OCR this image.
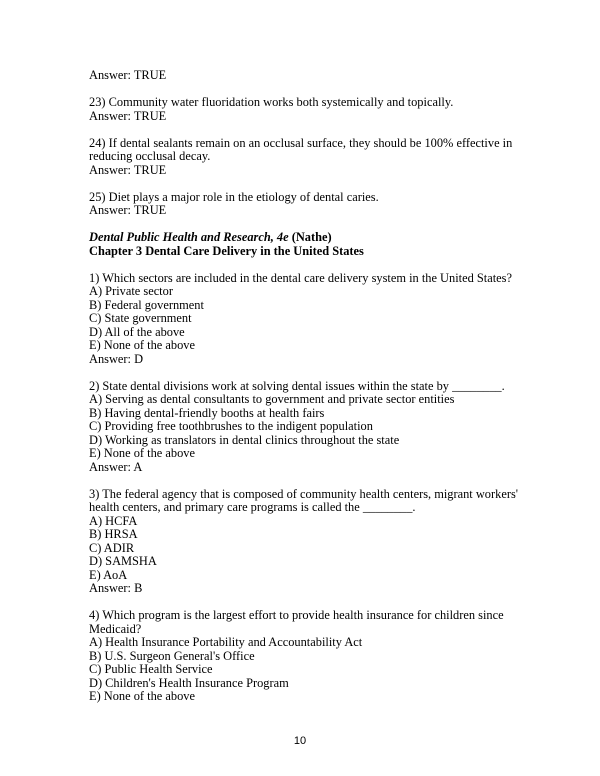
Answer: TRUE
23) Community water fluoridation works both systemically and topically.
Answer: TRUE
24) If dental sealants remain on an occlusal surface, they should be 100% effective in
reducing occlusal decay.
Answer: TRUE
25) Diet plays a major role in the etiology of dental caries.
Answer: TRUE
Dental Public Health and Research, 4e (Nathe)
Chapter 3 Dental Care Delivery in the United States
1) Which sectors are included in the dental care delivery system in the United States?
A) Private sector
B) Federal government
C) State government
D) All of the above
E) None of the above
Answer: D
2) State dental divisions work at solving dental issues within the state by ________.
A) Serving as dental consultants to government and private sector entities
B) Having dental-friendly booths at health fairs
C) Providing free toothbrushes to the indigent population
D) Working as translators in dental clinics throughout the state
E) None of the above
Answer: A
3) The federal agency that is composed of community health centers, migrant workers'
health centers, and primary care programs is called the ________.
A) HCFA
B) HRSA
C) ADIR
D) SAMSHA
E) AoA
Answer: B
4) Which program is the largest effort to provide health insurance for children since
Medicaid?
A) Health Insurance Portability and Accountability Act
B) U.S. Surgeon General's Office
C) Public Health Service
D) Children's Health Insurance Program
E) None of the above
10
